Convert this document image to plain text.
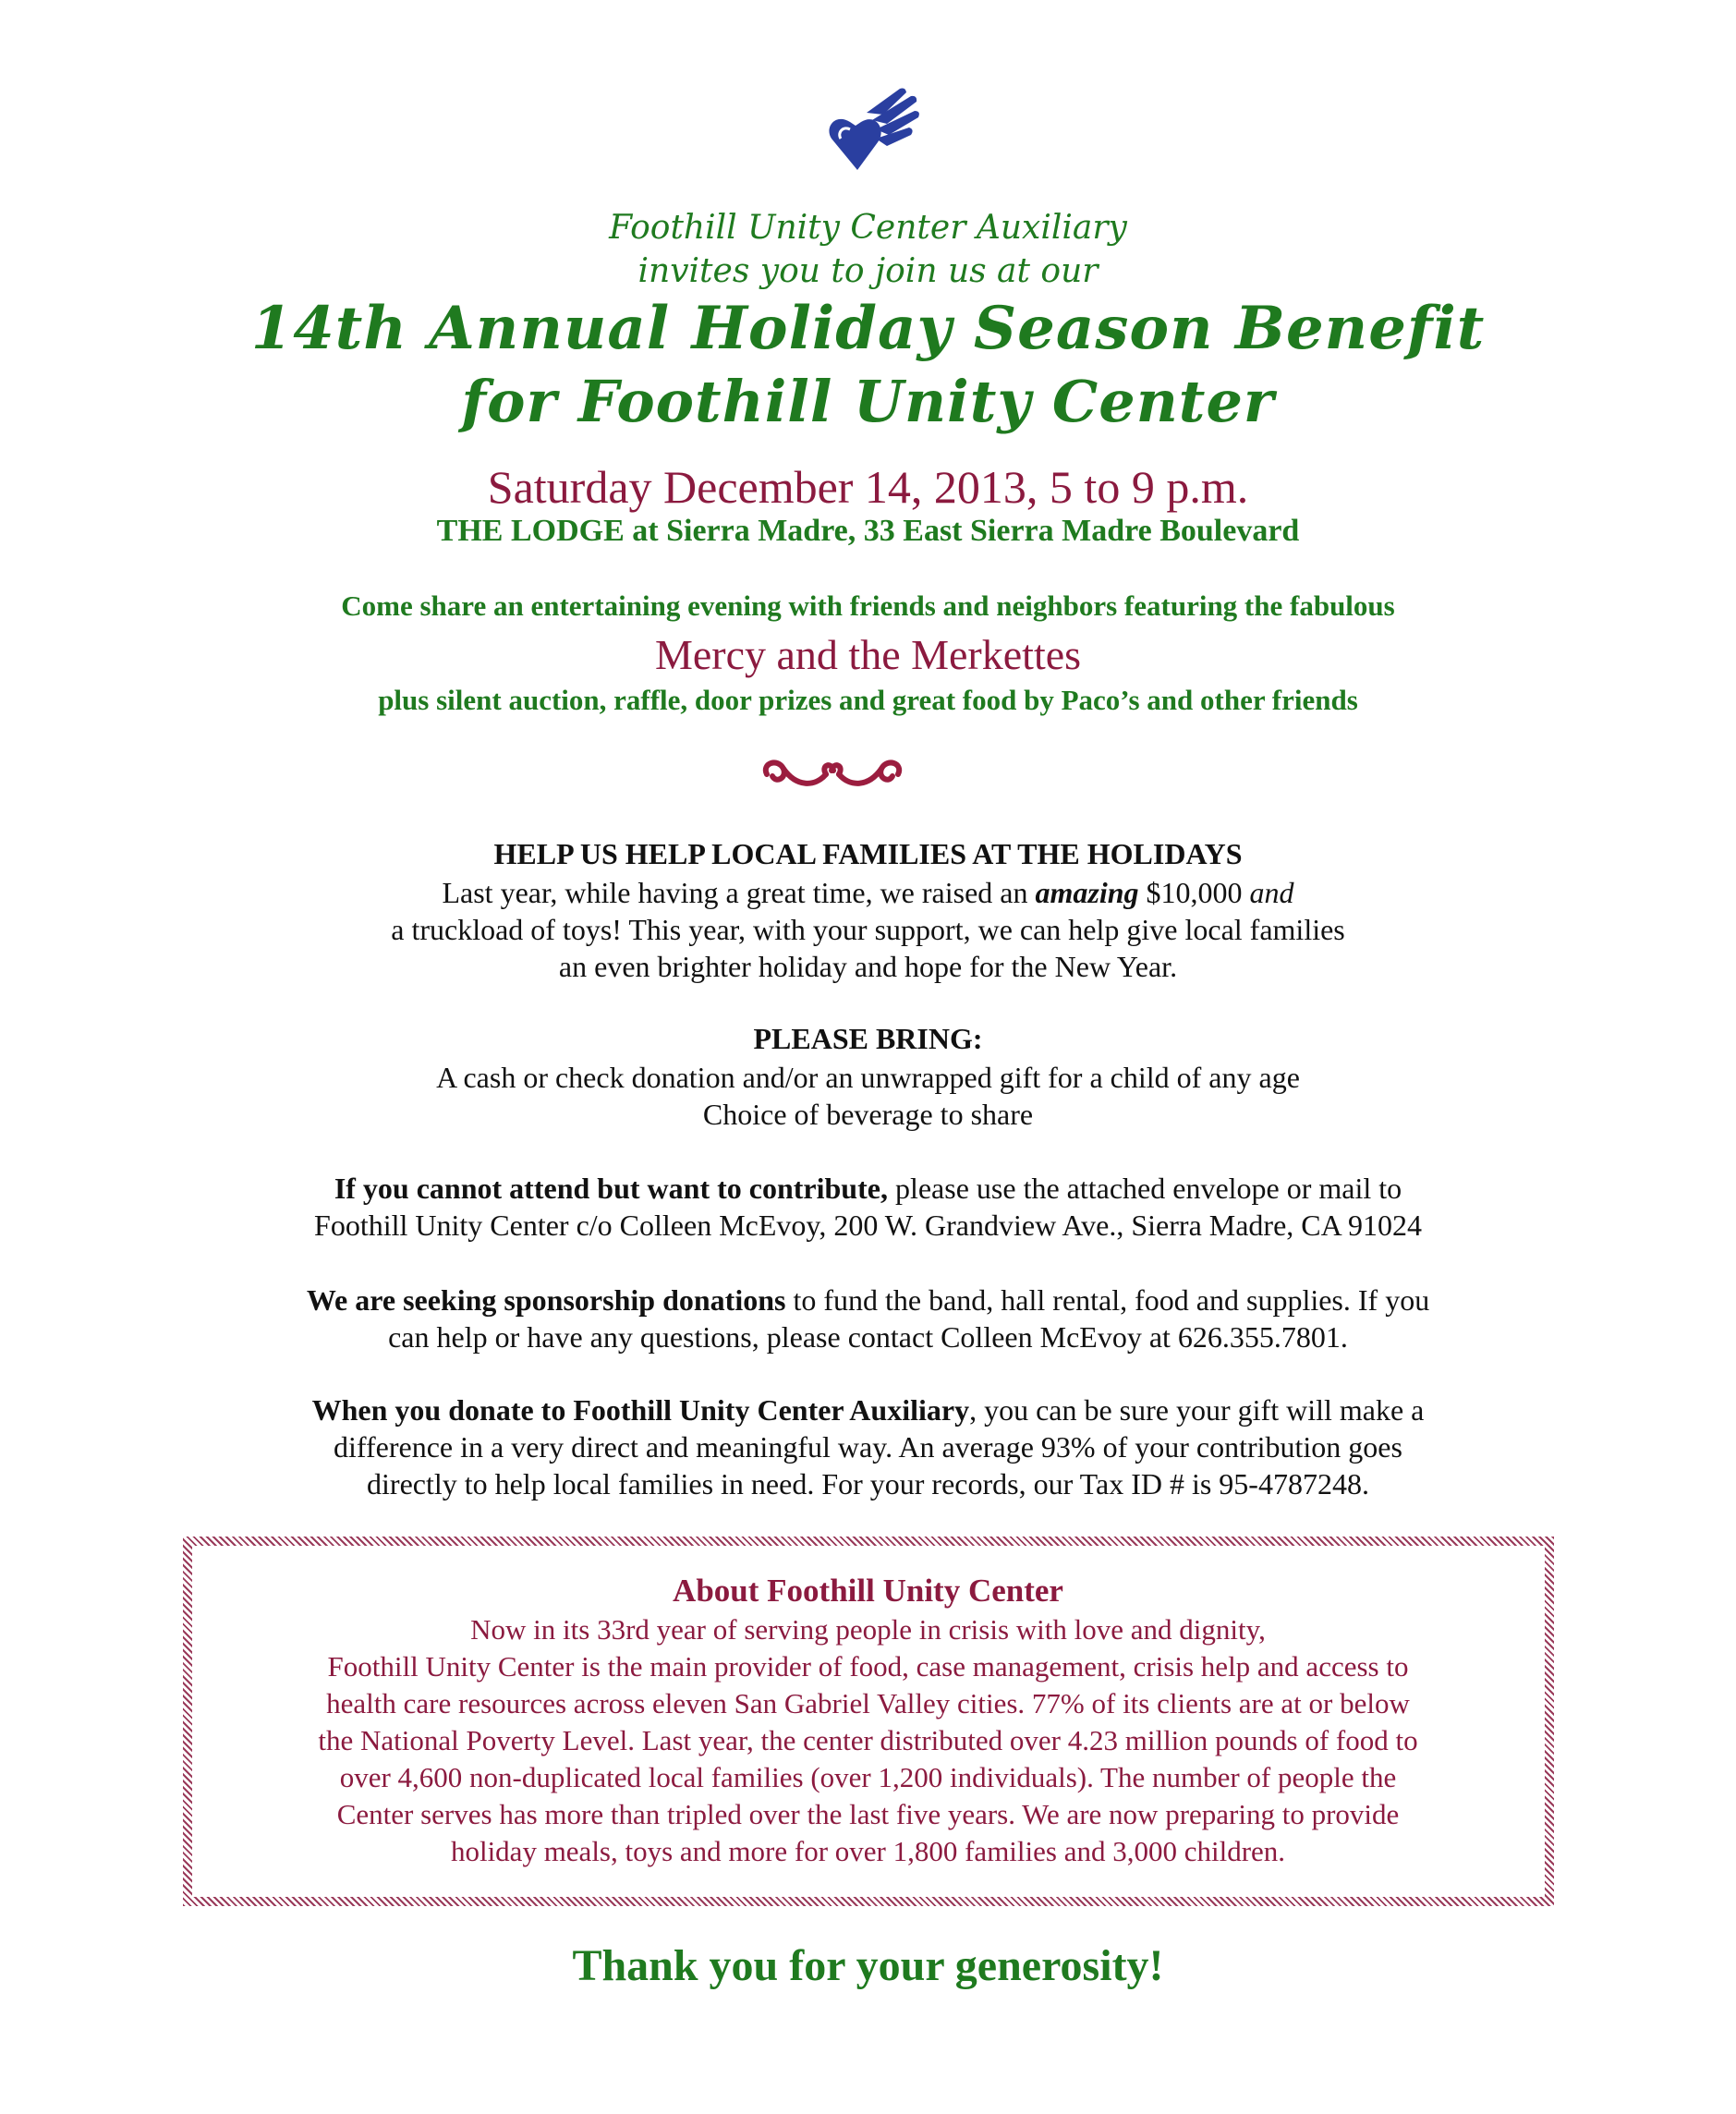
Foothill Unity Center Auxiliary
invites you to join us at our
14th Annual Holiday Season Benefit
for Foothill Unity Center
Saturday December 14, 2013, 5 to 9 p.m.
THE LODGE at Sierra Madre, 33 East Sierra Madre Boulevard
Come share an entertaining evening with friends and neighbors featuring the fabulous
Mercy and the Merkettes
plus silent auction, raffle, door prizes and great food by Paco’s and other friends
HELP US HELP LOCAL FAMILIES AT THE HOLIDAYS
Last year, while having a great time, we raised an amazing $10,000 and
a truckload of toys! This year, with your support, we can help give local families
an even brighter holiday and hope for the New Year.
PLEASE BRING:
A cash or check donation and/or an unwrapped gift for a child of any age
Choice of beverage to share
If you cannot attend but want to contribute, please use the attached envelope or mail to
Foothill Unity Center c/o Colleen McEvoy, 200 W. Grandview Ave., Sierra Madre, CA 91024
We are seeking sponsorship donations to fund the band, hall rental, food and supplies. If you
can help or have any questions, please contact Colleen McEvoy at 626.355.7801.
When you donate to Foothill Unity Center Auxiliary, you can be sure your gift will make a
difference in a very direct and meaningful way. An average 93% of your contribution goes
directly to help local families in need. For your records, our Tax ID # is 95-4787248.
About Foothill Unity Center
Now in its 33rd year of serving people in crisis with love and dignity,
Foothill Unity Center is the main provider of food, case management, crisis help and access to
health care resources across eleven San Gabriel Valley cities. 77% of its clients are at or below
the National Poverty Level. Last year, the center distributed over 4.23 million pounds of food to
over 4,600 non-duplicated local families (over 1,200 individuals). The number of people the
Center serves has more than tripled over the last five years. We are now preparing to provide
holiday meals, toys and more for over 1,800 families and 3,000 children.
Thank you for your generosity!
